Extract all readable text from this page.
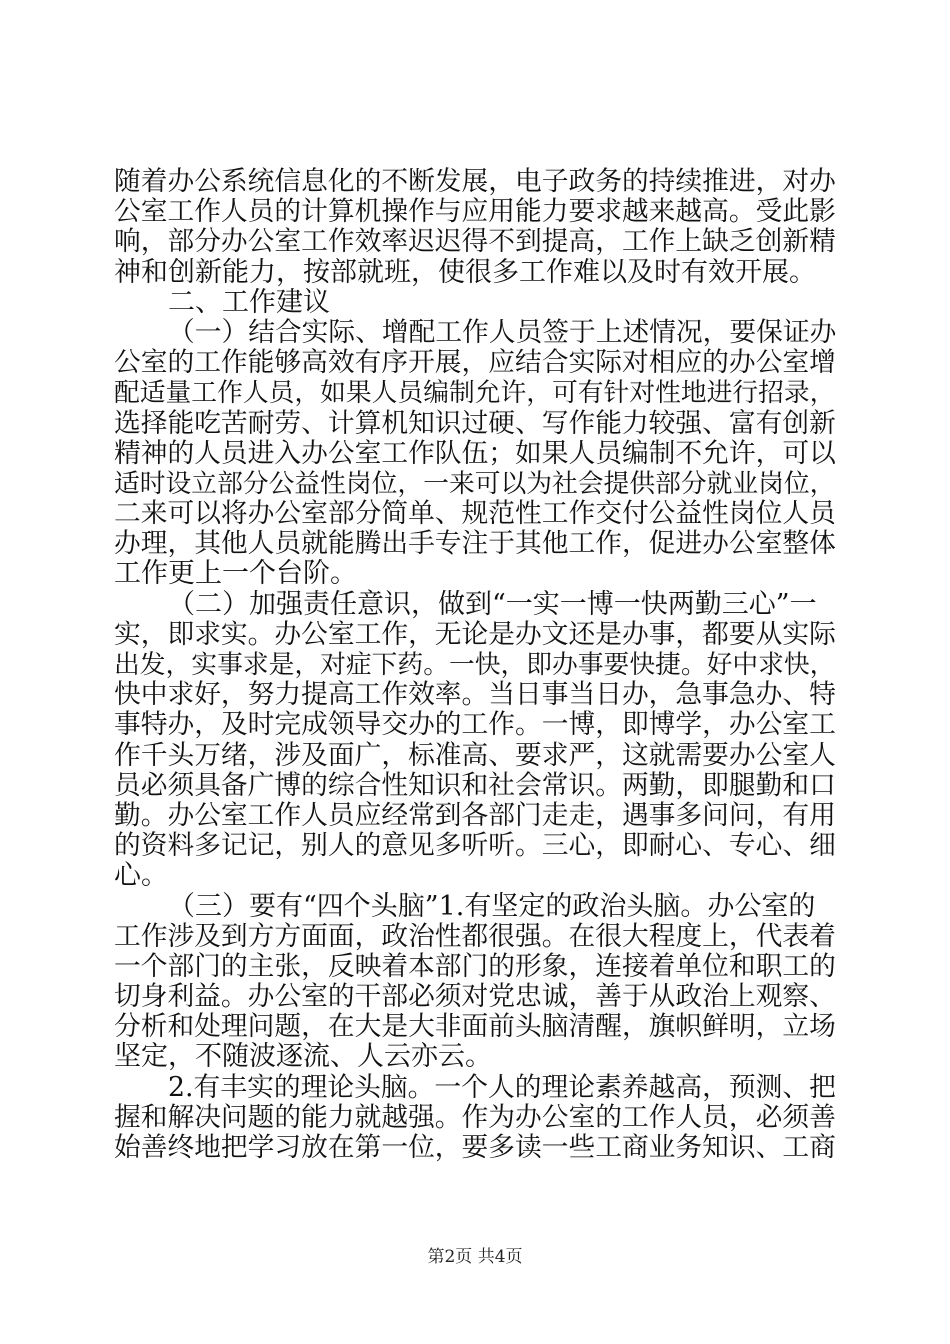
随着办公系统信息化的不断发展，电子政务的持续推进，对办
公室工作人员的计算机操作与应用能力要求越来越高。受此影
响，部分办公室工作效率迟迟得不到提高，工作上缺乏创新精
神和创新能力，按部就班，使很多工作难以及时有效开展。
二、工作建议
（一）结合实际、增配工作人员签于上述情况，要保证办
公室的工作能够高效有序开展，应结合实际对相应的办公室增
配适量工作人员，如果人员编制允许，可有针对性地进行招录，
选择能吃苦耐劳、计算机知识过硬、写作能力较强、富有创新
精神的人员进入办公室工作队伍；如果人员编制不允许，可以
适时设立部分公益性岗位，一来可以为社会提供部分就业岗位，
二来可以将办公室部分简单、规范性工作交付公益性岗位人员
办理，其他人员就能腾出手专注于其他工作，促进办公室整体
工作更上一个台阶。
（二）加强责任意识，做到“一实一博一快两勤三心”一
实，即求实。办公室工作，无论是办文还是办事，都要从实际
出发，实事求是，对症下药。一快，即办事要快捷。好中求快，
快中求好，努力提高工作效率。当日事当日办，急事急办、特
事特办，及时完成领导交办的工作。一博，即博学，办公室工
作千头万绪，涉及面广，标准高、要求严，这就需要办公室人
员必须具备广博的综合性知识和社会常识。两勤，即腿勤和口
勤。办公室工作人员应经常到各部门走走，遇事多问问，有用
的资料多记记，别人的意见多听听。三心，即耐心、专心、细
心。
（三）要有“四个头脑”1.有坚定的政治头脑。办公室的
工作涉及到方方面面，政治性都很强。在很大程度上，代表着
一个部门的主张，反映着本部门的形象，连接着单位和职工的
切身利益。办公室的干部必须对党忠诚，善于从政治上观察、
分析和处理问题，在大是大非面前头脑清醒，旗帜鲜明，立场
坚定，不随波逐流、人云亦云。
2.有丰实的理论头脑。一个人的理论素养越高，预测、把
握和解决问题的能力就越强。作为办公室的工作人员，必须善
始善终地把学习放在第一位，要多读一些工商业务知识、工商
第2页 共4页
